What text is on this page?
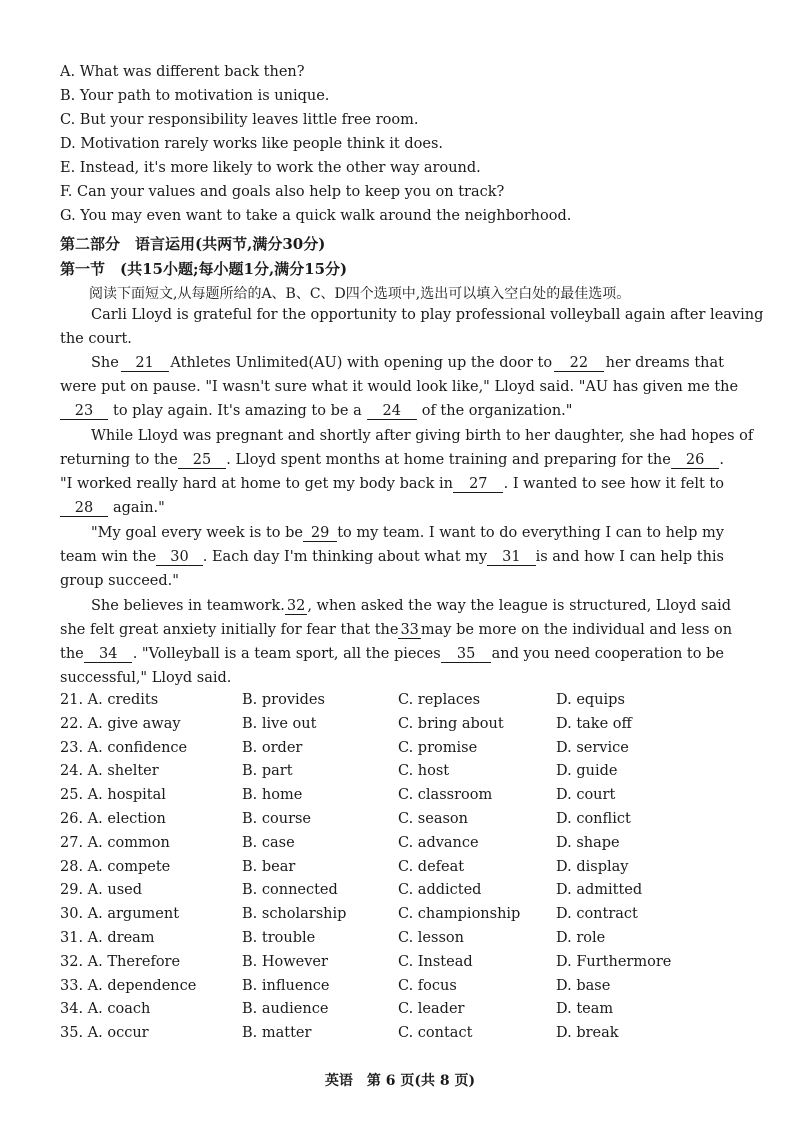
A. What was different back then?
B. Your path to motivation is unique.
C. But your responsibility leaves little free room.
D. Motivation rarely works like people think it does.
E. Instead, it's more likely to work the other way around.
F. Can your values and goals also help to keep you on track?
G. You may even want to take a quick walk around the neighborhood.
第二部分　语言运用(共两节,满分30分)
第一节　(共15小题;每小题1分,满分15分)
阅读下面短文,从每题所给的A、B、C、D四个选项中,选出可以填入空白处的最佳选项。
Carli Lloyd is grateful for the opportunity to play professional volleyball again after leaving
the court.
She	21	Athletes Unlimited(AU) with opening up the door to	22	her dreams that
were put on pause. "I wasn't sure what it would look like," Lloyd said. "AU has given me the
23	to play again. It's amazing to be a	24	of the organization."
While Lloyd was pregnant and shortly after giving birth to her daughter, she had hopes of
returning to the	25	. Lloyd spent months at home training and preparing for the	26	.
"I worked really hard at home to get my body back in	27	. I wanted to see how it felt to
28	again."
"My goal every week is to be 29 to my team. I want to do everything I can to help my
team win the 30 . Each day I'm thinking about what my	31	is and how I can help this
group succeed."
She believes in teamwork. 32 , when asked the way the league is structured, Lloyd said
she felt great anxiety initially for fear that the 33 may be more on the individual and less on
the	34	. "Volleyball is a team sport, all the pieces	35	and you need cooperation to be
successful," Lloyd said.
21. A. credits	B. provides	C. replaces	D. equips
22. A. give away	B. live out	C. bring about	D. take off
23. A. confidence	B. order	C. promise	D. service
24. A. shelter	B. part	C. host	D. guide
25. A. hospital	B. home	C. classroom	D. court
26. A. election	B. course	C. season	D. conflict
27. A. common	B. case	C. advance	D. shape
28. A. compete	B. bear	C. defeat	D. display
29. A. used	B. connected	C. addicted	D. admitted
30. A. argument	B. scholarship	C. championship D. contract
31. A. dream	B. trouble	C. lesson	D. role
32. A. Therefore	B. However	C. Instead	D. Furthermore
33. A. dependence	B. influence	C. focus	D. base
34. A. coach	B. audience	C. leader	D. team
35. A. occur	B. matter	C. contact	D. break
英语　第 6 页(共 8 页)
